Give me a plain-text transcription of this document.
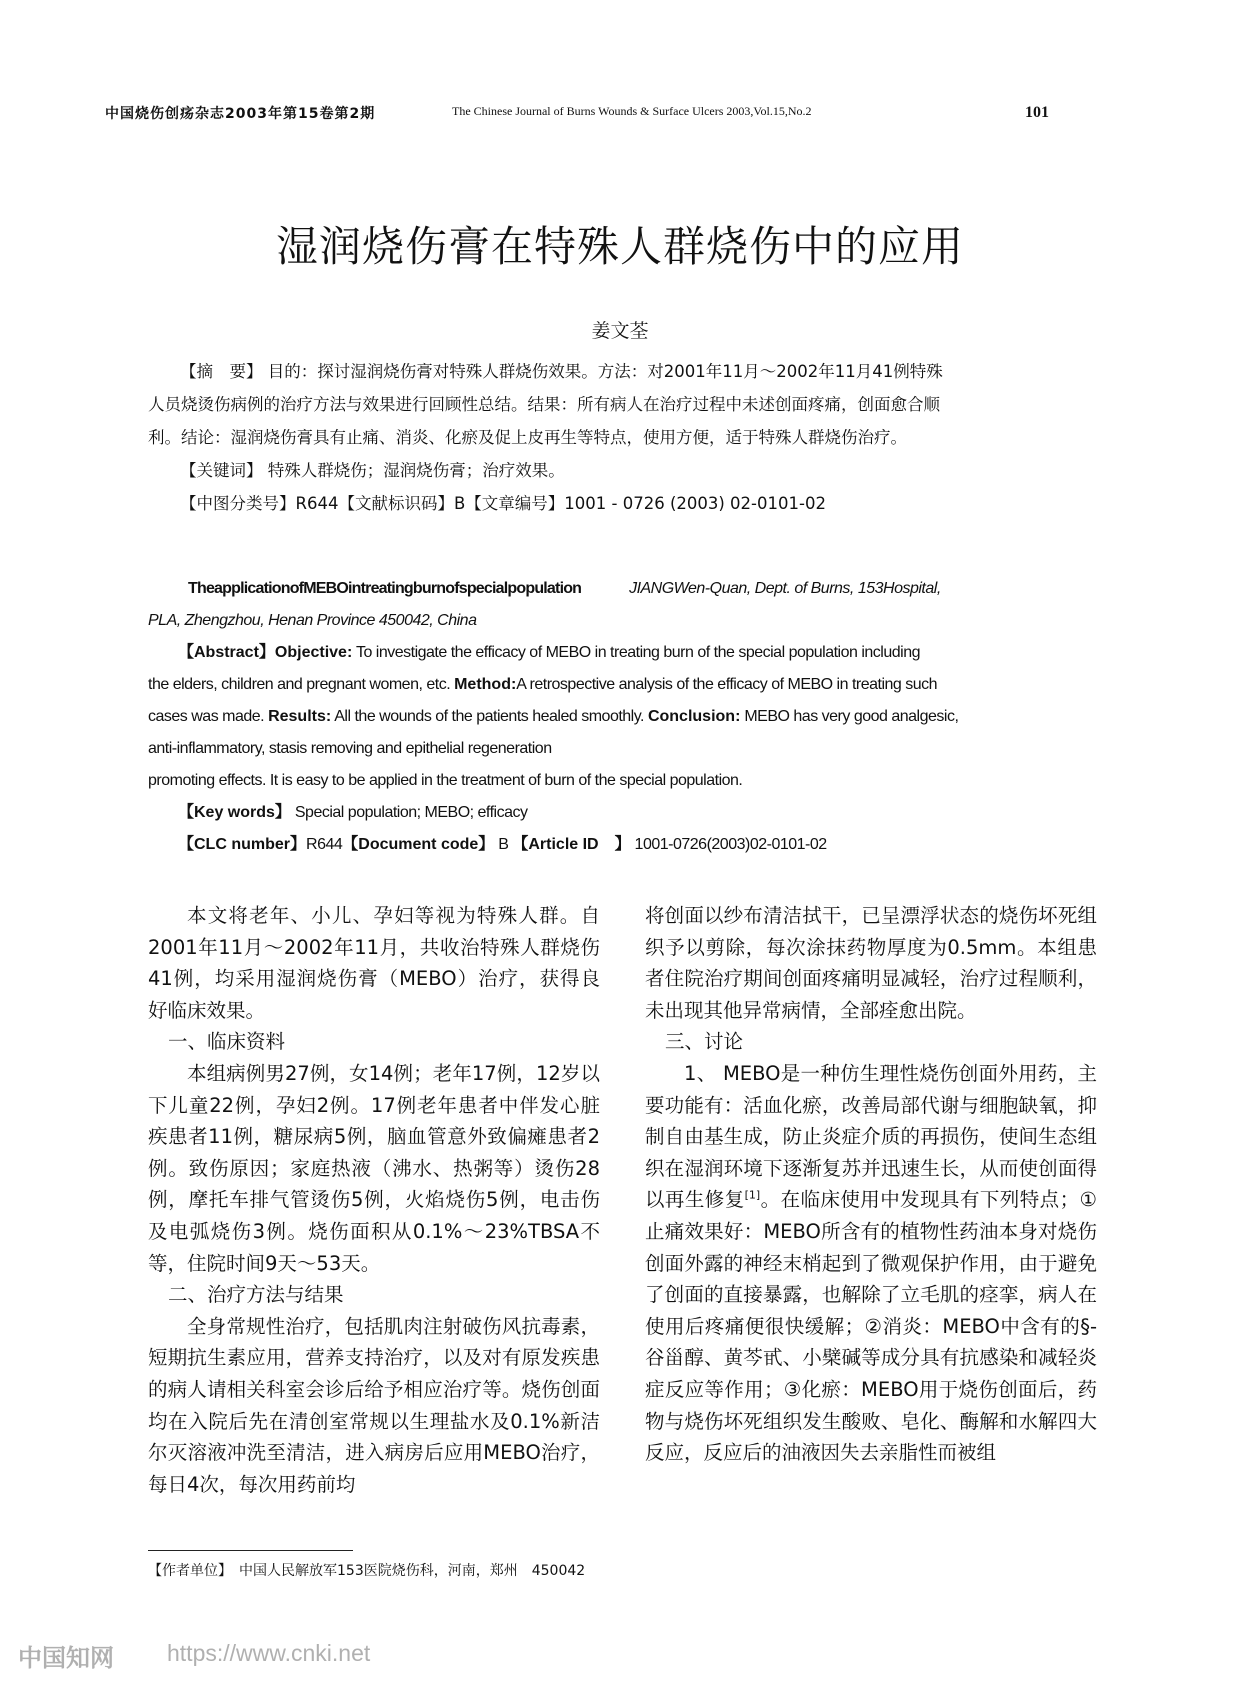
中国烧伤创疡杂志2003年第15卷第2期	The Chinese Journal of Burns Wounds & Surface Ulcers 2003,Vol.15,No.2	101
湿润烧伤膏在特殊人群烧伤中的应用
姜文荃

【摘　要】 目的：探讨湿润烧伤膏对特殊人群烧伤效果。方法：对2001年11月～2002年11月41例特殊

人员烧烫伤病例的治疗方法与效果进行回顾性总结。结果：所有病人在治疗过程中未述创面疼痛，创面愈合顺

利。结论：湿润烧伤膏具有止痛、消炎、化瘀及促上皮再生等特点，使用方便，适于特殊人群烧伤治疗。

【关键词】 特殊人群烧伤；湿润烧伤膏；治疗效果。

【中图分类号】R644【文献标识码】B【文章编号】1001 - 0726 (2003) 02-0101-02

TheapplicationofMEBOintreatingburnofspecialpopulation	JIANGWen-Quan, Dept. of Burns, 153Hospital,

PLA, Zhengzhou, Henan Province 450042, China

【Abstract】Objective: To investigate the efficacy of MEBO in treating burn of the special population including

the elders, children and pregnant women, etc. Method:A retrospective analysis of the efficacy of MEBO in treating such

cases was made. Results: All the wounds of the patients healed smoothly. Conclusion: MEBO has very good analgesic,

anti-inflammatory, stasis removing and epithelial regeneration

promoting effects. It is easy to be applied in the treatment of burn of the special population.

【Key words】 Special population; MEBO; efficacy

【CLC number】R644【Document code】 B 【Article ID　】 1001-0726(2003)02-0101-02

本文将老年、小儿、孕妇等视为特殊人群。自2001年11月～2002年11月，共收治特殊人群烧伤41例，均采用湿润烧伤膏（MEBO）治疗，获得良好临床效果。

一、临床资料

本组病例男27例，女14例；老年17例，12岁以下儿童22例，孕妇2例。17例老年患者中伴发心脏疾患者11例，糖尿病5例，脑血管意外致偏瘫患者2例。致伤原因；家庭热液（沸水、热粥等）烫伤28例，摩托车排气管烫伤5例，火焰烧伤5例，电击伤及电弧烧伤3例。烧伤面积从0.1%～23%TBSA不等，住院时间9天～53天。

二、治疗方法与结果

全身常规性治疗，包括肌肉注射破伤风抗毒素，短期抗生素应用，营养支持治疗，以及对有原发疾患的病人请相关科室会诊后给予相应治疗等。烧伤创面均在入院后先在清创室常规以生理盐水及0.1%新洁尔灭溶液冲洗至清洁，进入病房后应用MEBO治疗，每日4次，每次用药前均

将创面以纱布清洁拭干，已呈漂浮状态的烧伤坏死组织予以剪除，每次涂抹药物厚度为0.5mm。本组患者住院治疗期间创面疼痛明显减轻，治疗过程顺利，未出现其他异常病情，全部痊愈出院。

三、讨论

1、 MEBO是一种仿生理性烧伤创面外用药，主要功能有：活血化瘀，改善局部代谢与细胞缺氧，抑制自由基生成，防止炎症介质的再损伤，使间生态组织在湿润环境下逐渐复苏并迅速生长，从而使创面得以再生修复[1]。在临床使用中发现具有下列特点；①止痛效果好：MEBO所含有的植物性药油本身对烧伤创面外露的神经末梢起到了微观保护作用，由于避免了创面的直接暴露，也解除了立毛肌的痉挛，病人在使用后疼痛便很快缓解；②消炎：MEBO中含有的§-谷甾醇、黄芩甙、小檗碱等成分具有抗感染和减轻炎症反应等作用；③化瘀：MEBO用于烧伤创面后，药物与烧伤坏死组织发生酸败、皂化、酶解和水解四大反应，反应后的油液因失去亲脂性而被组

【作者单位】　中国人民解放军153医院烧伤科，河南，郑州　450042
中国知网 https://www.cnki.net
